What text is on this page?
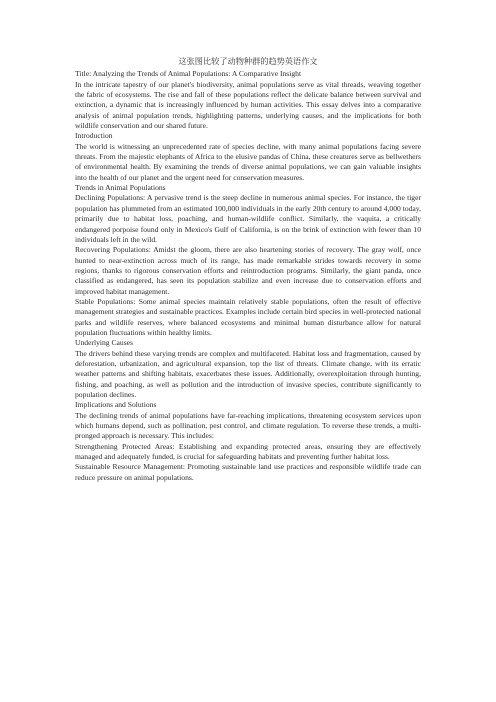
这张图比较了动物种群的趋势英语作文

Title: Analyzing the Trends of Animal Populations: A Comparative Insight

In the intricate tapestry of our planet's biodiversity, animal populations serve as vital threads, weaving together the fabric of ecosystems. The rise and fall of these populations reflect the delicate balance between survival and extinction, a dynamic that is increasingly influenced by human activities. This essay delves into a comparative analysis of animal population trends, highlighting patterns, underlying causes, and the implications for both wildlife conservation and our shared future.

Introduction

The world is witnessing an unprecedented rate of species decline, with many animal populations facing severe threats. From the majestic elephants of Africa to the elusive pandas of China, these creatures serve as bellwethers of environmental health. By examining the trends of diverse animal populations, we can gain valuable insights into the health of our planet and the urgent need for conservation measures.

Trends in Animal Populations

Declining Populations: A pervasive trend is the steep decline in numerous animal species. For instance, the tiger population has plummeted from an estimated 100,000 individuals in the early 20th century to around 4,000 today, primarily due to habitat loss, poaching, and human-wildlife conflict. Similarly, the vaquita, a critically endangered porpoise found only in Mexico's Gulf of California, is on the brink of extinction with fewer than 10 individuals left in the wild.

Recovering Populations: Amidst the gloom, there are also heartening stories of recovery. The gray wolf, once hunted to near-extinction across much of its range, has made remarkable strides towards recovery in some regions, thanks to rigorous conservation efforts and reintroduction programs. Similarly, the giant panda, once classified as endangered, has seen its population stabilize and even increase due to conservation efforts and improved habitat management.

Stable Populations: Some animal species maintain relatively stable populations, often the result of effective management strategies and sustainable practices. Examples include certain bird species in well-protected national parks and wildlife reserves, where balanced ecosystems and minimal human disturbance allow for natural population fluctuations within healthy limits.

Underlying Causes

The drivers behind these varying trends are complex and multifaceted. Habitat loss and fragmentation, caused by deforestation, urbanization, and agricultural expansion, top the list of threats. Climate change, with its erratic weather patterns and shifting habitats, exacerbates these issues. Additionally, overexploitation through hunting, fishing, and poaching, as well as pollution and the introduction of invasive species, contribute significantly to population declines.

Implications and Solutions

The declining trends of animal populations have far-reaching implications, threatening ecosystem services upon which humans depend, such as pollination, pest control, and climate regulation. To reverse these trends, a multi-pronged approach is necessary. This includes:

Strengthening Protected Areas: Establishing and expanding protected areas, ensuring they are effectively managed and adequately funded, is crucial for safeguarding habitats and preventing further habitat loss.

Sustainable Resource Management: Promoting sustainable land use practices and responsible wildlife trade can reduce pressure on animal populations.
